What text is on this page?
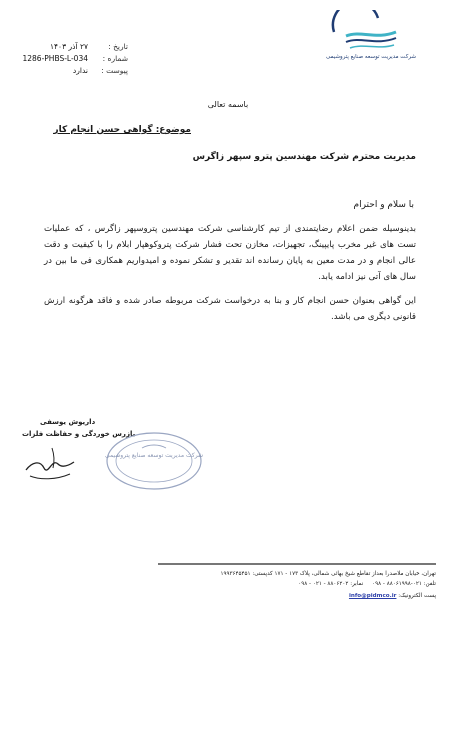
شرکت مدیریت توسعه صنایع پتروشیمی
تاریخ :
۲۷ آذر ۱۴۰۳
شماره :
1286-PHBS-L-034
پیوست :
ندارد
باسمه تعالی
موضوع: گواهی حسن انجام کار
مدیریت محترم شرکت مهندسین پترو سپهر زاگرس
با سلام و احترام

بدینوسیله ضمن اعلام رضایتمندی از تیم کارشناسی شرکت مهندسین پتروسپهر زاگرس ، که عملیات تست های غیر مخرب پایپینگ، تجهیزات، مخازن تحت فشار شرکت پتروکوهپار ابلام را با کیفیت و دقت عالی انجام و در مدت معین به پایان رسانده اند تقدیر و تشکر نموده و امیدواریم همکاری فی ما بین در سال های آتی نیز ادامه یابد.

این گواهی بعنوان حسن انجام کار و بنا به درخواست شرکت مربوطه صادر شده و فاقد هرگونه ارزش قانونی دیگری می باشد.

داریوش یوسفی
بازرس خوردگی و حفاظت فلزات
شرکت مدیریت توسعه صنایع پتروشیمی
تهران، خیابان ملاصدرا بعداز تقاطع شیخ بهائی شمالی، پلاک ۱۷۳ - ۱۷۱ کدپستی: ۱۹۹۳۶۴۵۴۵۱
تلفن: ۰۲۱-۸۸۰۶۱۹۹۸ - ۰۹۸     نمابر: ۸۸۰۶۲۰۲ - ۰۲۱ - ۰۹۸
پست الکترونیک: info@pidmco.ir
